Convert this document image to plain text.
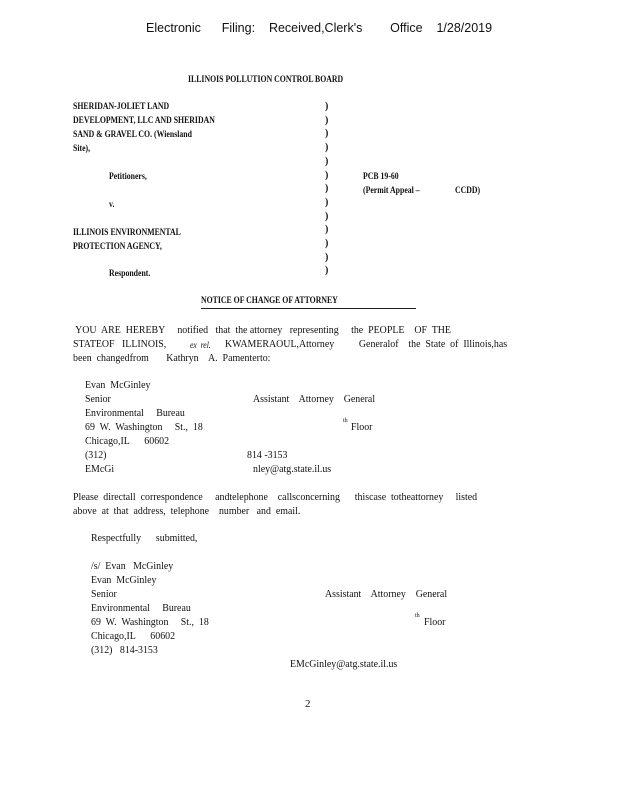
Electronic      Filing:    Received,Clerk's        Office    1/28/2019
ILLINOIS POLLUTION CONTROL BOARD
SHERIDAN-JOLIET LAND
DEVELOPMENT, LLC AND SHERIDAN
SAND & GRAVEL CO. (Wiensland
Site),
Petitioners,
v.
ILLINOIS ENVIRONMENTAL
PROTECTION AGENCY,
Respondent.
)
)
)
)
)
)
)
)
)
)
)
)
)
PCB 19-60
(Permit Appeal –	CCDD)
NOTICE OF CHANGE OF ATTORNEY
YOU  ARE  HEREBY     notified   that  the attorney   representing     the  PEOPLE    OF  THE
STATEOF   ILLINOIS,	ex  rel. KWAMERAOUL,Attorney          Generalof    the  State  of  Illinois,has
been  changedfrom       Kathryn    A.  Pamenterto:
Evan  McGinley
Senior	Assistant    Attorney    General
Environmental     Bureau
69  W.  Washington     St.,  18	th Floor
Chicago,IL      60602
(312)	814 -3153
EMcGi	nley@atg.state.il.us
Please  directall  correspondence     andtelephone    callsconcerning      thiscase  totheattorney     listed
above  at  that  address,  telephone    number   and  email.
Respectfully      submitted,
/s/  Evan   McGinley
Evan  McGinley
Senior	Assistant    Attorney    General
Environmental     Bureau
69  W.  Washington     St.,  18	th Floor
Chicago,IL      60602
(312)   814-3153
EMcGinley@atg.state.il.us
2
